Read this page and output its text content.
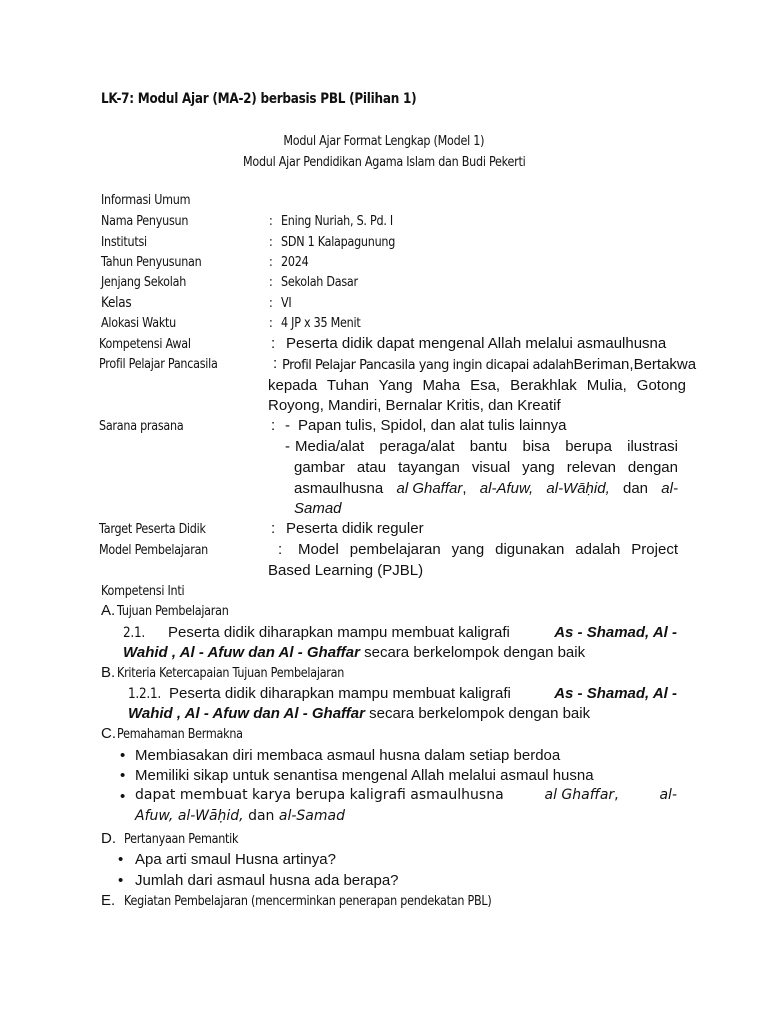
LK-7: Modul Ajar (MA-2) berbasis PBL (Pilihan 1)
Modul Ajar Format Lengkap (Model 1)
Modul Ajar Pendidikan Agama Islam dan Budi Pekerti
Informasi Umum
Nama Penyusun	: Ening Nuriah, S. Pd. I
Institutsi	: SDN 1 Kalapagunung
Tahun Penyusunan	: 2024
Jenjang Sekolah	: Sekolah Dasar
Kelas	: VI
Alokasi Waktu	: 4 JP x 35 Menit
Kompetensi Awal	: Peserta didik dapat mengenal Allah melalui asmaulhusna
Profil Pelajar Pancasila	: Profil Pelajar Pancasila yang ingin dicapai adalah Beriman,Bertakwa
kepada Tuhan Yang Maha Esa, Berakhlak Mulia, Gotong
Royong, Mandiri, Bernalar Kritis, dan Kreatif
Sarana prasana	: - Papan tulis, Spidol, dan alat tulis lainnya
- Media/alat peraga/alat bantu bisa berupa ilustrasi
gambar atau tayangan visual yang relevan dengan
asmaulhusna al Ghaffar, al-Afuw, al-Wāḥid, dan al-
Samad
Target Peserta Didik	: Peserta didik reguler
Model Pembelajaran	: Model pembelajaran yang digunakan adalah Project
Based Learning (PJBL)
Kompetensi Inti
A. Tujuan Pembelajaran
2.1. Peserta didik diharapkan mampu membuat kaligrafi	As - Shamad, Al -
Wahid , Al - Afuw dan Al - Ghaffar secara berkelompok dengan baik
B. Kriteria Ketercapaian Tujuan Pembelajaran
1.2.1. Peserta didik diharapkan mampu membuat kaligrafi	As - Shamad, Al -
Wahid , Al - Afuw dan Al - Ghaffar secara berkelompok dengan baik
C. Pemahaman Bermakna
• Membiasakan diri membaca asmaul husna dalam setiap berdoa
• Memiliki sikap untuk senantisa mengenal Allah melalui asmaul husna
• dapat membuat karya berupa kaligrafi asmaulhusna	al Ghaffar,	al-
Afuw, al-Wāḥid, dan al-Samad
D. Pertanyaan Pemantik
• Apa arti smaul Husna artinya?
• Jumlah dari asmaul husna ada berapa?
E. Kegiatan Pembelajaran (mencerminkan penerapan pendekatan PBL)
